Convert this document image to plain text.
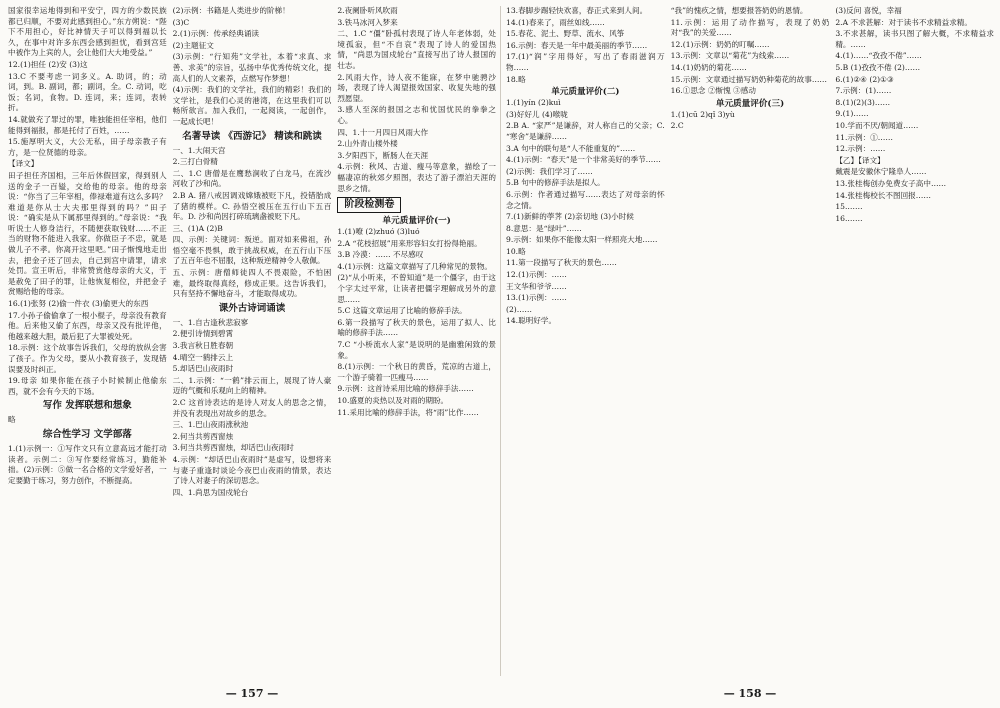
国家很幸运地得到和平安宁，四方的少数民族都已归顺，不要对此感到担心。”东方朔说：“陛下不用担心，好比神情天子可以得到福以长久，在事中对许多东西会感到担忧，看到宫廷中被作为上宾的人，会让他们大大地受益。”

12.(1)担任 (2)安 (3)这

13.C 不要考虑一词多义。A. 助词，的；动词，到。B. 副词，都；副词，全。C. 动词，吃饭；名词，食物。D. 连词，来；连词，表转折。

14.就做充了罪过的罪，唯独能担任宰相，他们能得到福报，都是托付了百姓，……

15.施厚明大义，大公无私，田子母亲教子有方，是一位贤德的母亲。

【译文】

田子担任齐国相，三年后休假回家，得到别人送的金子一百镒，交给他的母亲。他的母亲说：“你当了三年宰相，俸禄难道有这么多吗？难道是你从士大夫那里得到的吗？”田子说：“确实是从下属那里得到的。”母亲说：“我听说士人修身洁行，不随便获取钱财……不正当的财物不能进入我家。你做臣子不忠，就是做儿子不孝。你离开这里吧。”田子惭愧地走出去，把金子还了回去，自己到宫中请罪，请求处罚。宣王听后，非常赞赏他母亲的大义，于是赦免了田子的罪，让他恢复相位，并把金子赏赐给他的母亲。

16.(1)张努 (2)偷一件衣 (3)偷更大的东西

17.小孙子偷偷拿了一根小棍子，母亲没有教育他。后来他又偷了东西，母亲又没有批评他，他越来越大胆，最后犯了大罪被处死。

18.示例：这个故事告诉我们，父母的放纵会害了孩子。作为父母，要从小教育孩子，发现错误要及时纠正。

19.母亲 如果你能在孩子小时候制止他偷东西，就不会有今天的下场。

写作 发挥联想和想象

略

综合性学习 文学部落

1.(1)示例一：①写作文只有立意高远才能打动读者。示例二：③写作要经常练习，勤能补拙。(2)示例：⑤做一名合格的文学爱好者，一定要勤于练习，努力创作，不断提高。

(2)示例：书籍是人类进步的阶梯！

(3)C

2.(1)示例：传承经典诵读

(2)主题征文

(3)示例：“行知苑”文学社，本着“求真、求善、求美”的宗旨，弘扬中华优秀传统文化，提高人们的人文素养，点燃写作梦想！

(4)示例：我们的文学社，我们的精彩！我们的文学社，是我们心灵的港湾，在这里我们可以畅所欲言。加入我们，一起阅读，一起创作，一起成长吧！

名著导读 《西游记》 精读和跳读

一、1.大闹天宫

2.三打白骨精

二、1.C 唐僧是在鹰愁涧收了白龙马，在流沙河收了沙和尚。

2.B A. 猪八戒因调戏嫦娥被贬下凡，投错胎成了猪的模样。C. 孙悟空被压在五行山下五百年。D. 沙和尚因打碎琉璃盏被贬下凡。

三、(1)A (2)B

四、示例：关键词：叛逆。面对如来佛祖，孙悟空毫不畏惧，敢于挑战权威，在五行山下压了五百年也不屈服，这种叛逆精神令人敬佩。

五、示例：唐僧师徒四人不畏艰险，不怕困难，最终取得真经，修成正果。这告诉我们，只有坚持不懈地奋斗，才能取得成功。

课外古诗词诵读

一、1.自古逢秋悲寂寥

2.便引诗情到碧霄

3.我言秋日胜春朝

4.晴空一鹤排云上

5.却话巴山夜雨时

二、1.示例：“一鹤”排云而上，展现了诗人豪迈的气概和乐观向上的精神。

2.C 这首诗表达的是诗人对友人的思念之情，并没有表现出对故乡的思念。

三、1.巴山夜雨涨秋池

2.何当共剪西窗烛

3.何当共剪西窗烛，却话巴山夜雨时

4.示例：“却话巴山夜雨时”是虚写，设想将来与妻子重逢时谈论今夜巴山夜雨的情景，表达了诗人对妻子的深切思念。

四、1.尚思为国戍轮台

2.夜阑卧听风吹雨

3.铁马冰河入梦来

二、1.C “僵”卧孤村表现了诗人年老体弱，处境孤寂，但“不自哀”表现了诗人的爱国热情，“尚思为国戍轮台”直接写出了诗人报国的壮志。

2.风雨大作，诗人夜不能寐，在梦中驰骋沙场，表现了诗人渴望报效国家、收复失地的强烈愿望。

3.感人至深的报国之志和忧国忧民的拳拳之心。

四、1.十一月四日风雨大作

2.山外青山楼外楼

3.夕阳西下，断肠人在天涯

4.示例：秋风、古道、瘦马等意象，描绘了一幅凄凉的秋郊夕照图，表达了游子漂泊天涯的思乡之情。

阶段检测卷
单元质量评价(一)

1.(1)嘹 (2)zhuó (3)luó

2.A “花枝招展”用来形容妇女打扮得艳丽。

3.B 冷漠：…… 不尽感叹

4.(1)示例：这篇文章描写了几种常见的景物。

(2)“从小听来，不曾知道”是一个僵字，由于这个字太过平常，让读者把僵字理解成另外的意思……

5.C 这篇文章运用了比喻的修辞手法。

6.第一段描写了秋天的景色，运用了拟人、比喻的修辞手法……

7.C “小桥流水人家”是说明的是幽雅闲致的景象。

8.(1)示例：一个秋日的黄昏，荒凉的古道上，一个游子骑着一匹瘦马……

9.示例：这首诗采用比喻的修辞手法……

10.盛夏的炎热以及对雨的期盼。

11.采用比喻的修辞手法，将“雨”比作……

— 157 —

13.春脚步踢轻快欢喜，春正式来到人间。

14.(1)春来了，雨丝如线……

15.春花、泥土、野草、流水、风筝

16.示例：春天是一年中最美丽的季节……

17.(1)“润”字用得好，写出了春雨滋润万物……

18.略

单元质量评价(二)

1.(1)yín (2)kuì

(3)好好儿 (4)喉咙

2.B A. “家严”是谦辞，对人称自己的父亲；C. “寒舍”是谦辞……

3.A 句中的联句是“人不能重复的”……

4.(1)示例：“春天”是一个非常美好的季节……

(2)示例：我们学习了……

5.B 句中的修辞手法是拟人。

6.示例：作者通过描写……表达了对母亲的怀念之情。

7.(1)新鲜的荸荠 (2)亲切地 (3)小时候

8.意思：是“绿叶”……

9.示例：如果你不能像太阳一样照亮大地……

10.略

11.第一段描写了秋天的景色……

12.(1)示例：……

王文华和爷爷……

13.(1)示例：……

(2)……

14.聪明好学。

“我”的愧疚之情，想要报答奶奶的恩情。

11.示例：运用了动作描写，表现了奶奶对“我”的关爱……

12.(1)示例：奶奶的叮嘱……

13.示例：文章以“菊花”为线索……

14.(1)奶奶的菊花……

15.示例：文章通过描写奶奶种菊花的故事……

16.①思念 ②惭愧 ③感动

单元质量评价(三)

1.(1)cū 2)qǐ 3)yù

2.C

(3)反问 喜悦，幸福

2.A 不求甚解：对于读书不求精益求精。

3.不求甚解，读书只图了解大概，不求精益求精。……

4.(1)……“孜孜不倦”……

5.B (1)孜孜不倦 (2)……

6.(1)②④ (2)①③

7.示例：(1)……

8.(1)(2)(3)……

9.(1)……

10.学而不厌/朝闻道……

11.示例：①……

12.示例：……

【乙】【译文】

戴震是安徽休宁隆阜人……

13.张桂梅创办免费女子高中……

14.张桂梅校长不图回报……

15.……

16.……

— 158 —
